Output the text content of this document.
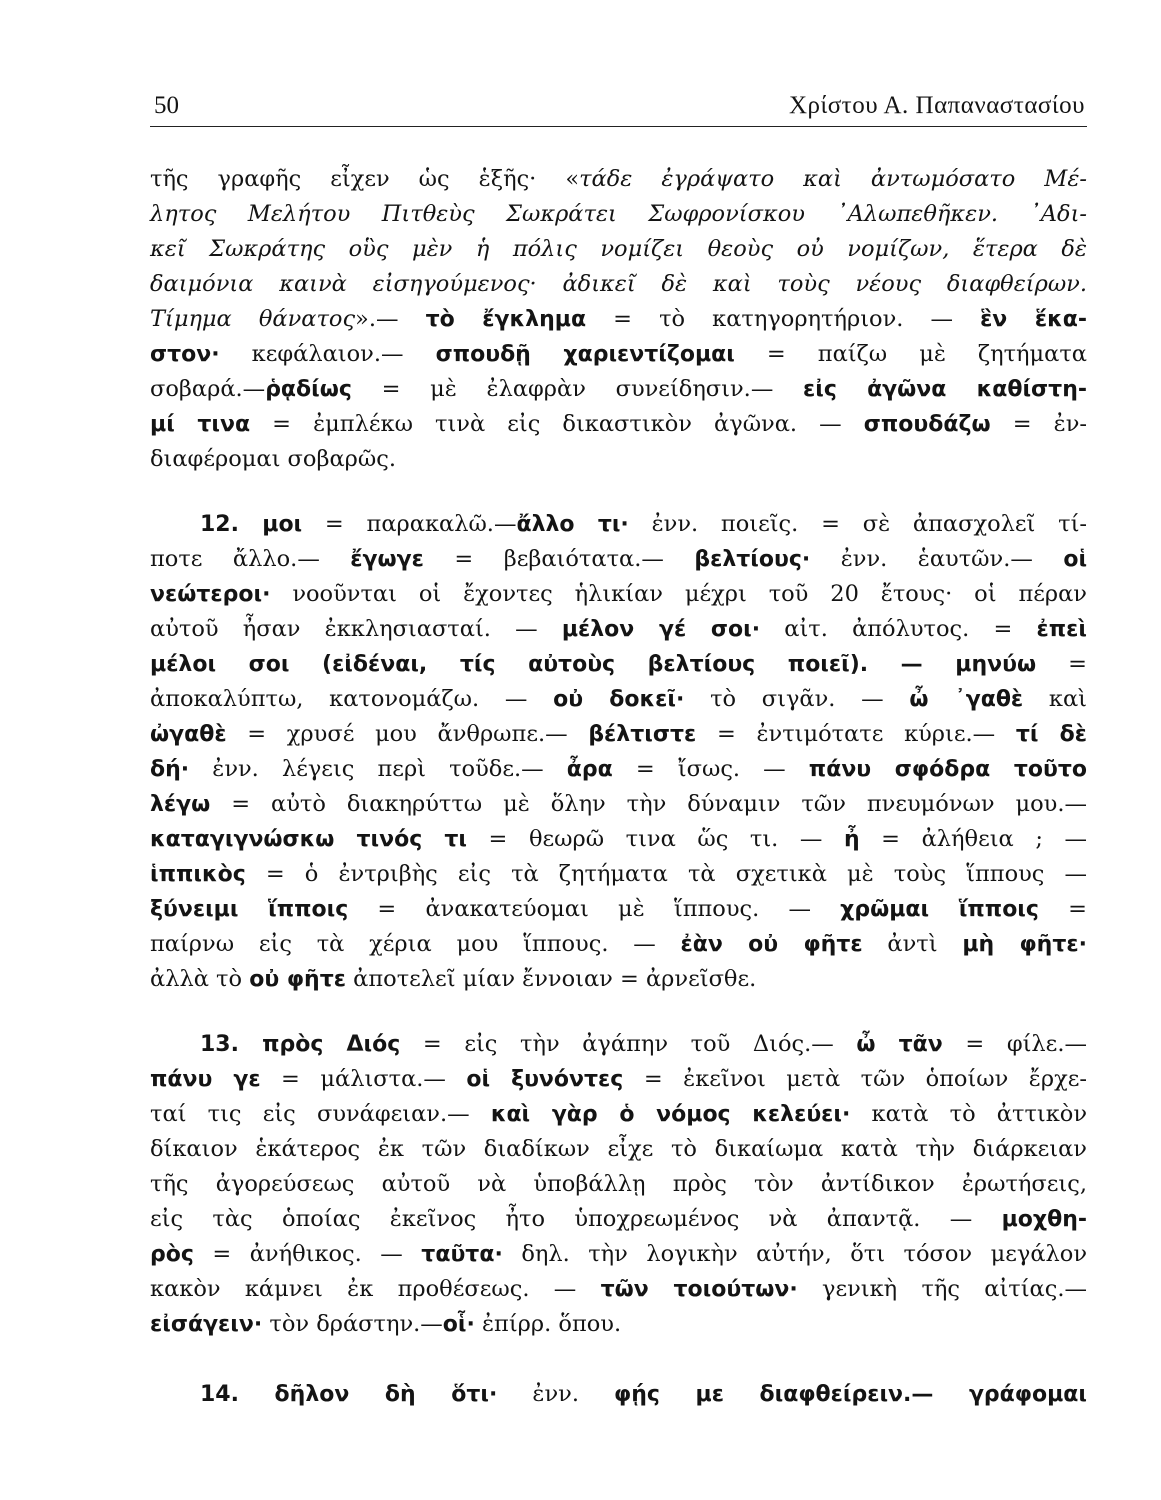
50	Χρίστου Α. Παπαναστασίου
τῆς γραφῆς εἶχεν ὡς ἑξῆς· «τάδε ἐγράψατο καὶ ἀντωμόσατο Μέ-
λητος Μελήτου Πιτθεὺς Σωκράτει Σωφρονίσκου ᾿Αλωπεθῆκεν. ᾿Αδι-
κεῖ Σωκράτης οὓς μὲν ἡ πόλις νομίζει θεοὺς οὐ νομίζων, ἕτερα δὲ
δαιμόνια καινὰ εἰσηγούμενος· ἀδικεῖ δὲ καὶ τοὺς νέους διαφθείρων.
Τίμημα θάνατος».— τὸ ἔγκλημα = τὸ κατηγορητήριον. — ἓν ἕκα-
στον· κεφάλαιον.— σπουδῇ χαριεντίζομαι = παίζω μὲ ζητήματα
σοβαρά.—ῥᾳδίως = μὲ ἐλαφρὰν συνείδησιν.— εἰς ἀγῶνα καθίστη-
μί τινα = ἐμπλέκω τινὰ εἰς δικαστικὸν ἀγῶνα. — σπουδάζω = ἐν-
διαφέρομαι σοβαρῶς.
12. μοι = παρακαλῶ.—ἄλλο τι· ἐνν. ποιεῖς. = σὲ ἀπασχολεῖ τί-
ποτε ἄλλο.— ἔγωγε = βεβαιότατα.— βελτίους· ἐνν. ἑαυτῶν.— οἱ
νεώτεροι· νοοῦνται οἱ ἔχοντες ἡλικίαν μέχρι τοῦ 20 ἔτους· οἱ πέραν
αὐτοῦ ἦσαν ἐκκλησιασταί. — μέλον γέ σοι· αἰτ. ἀπόλυτος. = ἐπεὶ
μέλοι σοι (εἰδέναι, τίς αὐτοὺς βελτίους ποιεῖ). — μηνύω =
ἀποκαλύπτω, κατονομάζω. — οὐ δοκεῖ· τὸ σιγᾶν. — ὦ ᾿γαθὲ καὶ
ὠγαθὲ = χρυσέ μου ἄνθρωπε.— βέλτιστε = ἐντιμότατε κύριε.— τί δὲ
δή· ἐνν. λέγεις περὶ τοῦδε.— ἆρα = ἴσως. — πάνυ σφόδρα τοῦτο
λέγω = αὐτὸ διακηρύττω μὲ ὅλην τὴν δύναμιν τῶν πνευμόνων μου.—
καταγιγνώσκω τινός τι = θεωρῶ τινα ὥς τι. — ἦ = ἀλήθεια ; —
ἱππικὸς = ὁ ἐντριβὴς εἰς τὰ ζητήματα τὰ σχετικὰ μὲ τοὺς ἵππους —
ξύνειμι ἵπποις = ἀνακατεύομαι μὲ ἵππους. — χρῶμαι ἵπποις =
παίρνω εἰς τὰ χέρια μου ἵππους. — ἐὰν οὐ φῆτε ἀντὶ μὴ φῆτε·
ἀλλὰ τὸ οὐ φῆτε ἀποτελεῖ μίαν ἔννοιαν = ἀρνεῖσθε.
13. πρὸς Διός = εἰς τὴν ἀγάπην τοῦ Διός.— ὦ τᾶν = φίλε.—
πάνυ γε = μάλιστα.— οἱ ξυνόντες = ἐκεῖνοι μετὰ τῶν ὁποίων ἔρχε-
ταί τις εἰς συνάφειαν.— καὶ γὰρ ὁ νόμος κελεύει· κατὰ τὸ ἀττικὸν
δίκαιον ἑκάτερος ἐκ τῶν διαδίκων εἶχε τὸ δικαίωμα κατὰ τὴν διάρκειαν
τῆς ἀγορεύσεως αὐτοῦ νὰ ὑποβάλλῃ πρὸς τὸν ἀντίδικον ἐρωτήσεις,
εἰς τὰς ὁποίας ἐκεῖνος ἦτο ὑποχρεωμένος νὰ ἀπαντᾷ. — μοχθη-
ρὸς = ἀνήθικος. — ταῦτα· δηλ. τὴν λογικὴν αὐτήν, ὅτι τόσον μεγάλον
κακὸν κάμνει ἐκ προθέσεως. — τῶν τοιούτων· γενικὴ τῆς αἰτίας.—
εἰσάγειν· τὸν δράστην.—οἷ· ἐπίρρ. ὅπου.
14. δῆλον δὴ ὅτι· ἐνν. φῄς με διαφθείρειν.— γράφομαι
